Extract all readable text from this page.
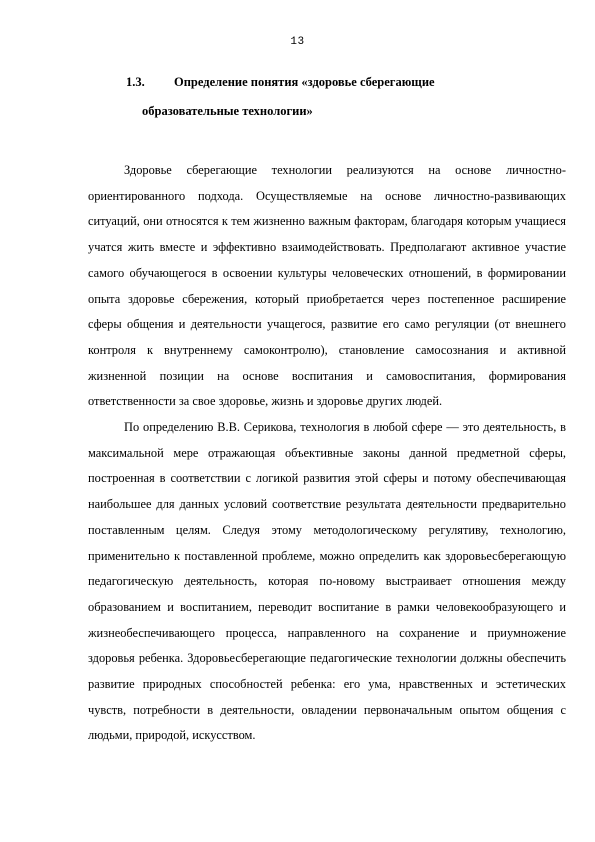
13
1.3. Определение понятия «здоровье сберегающие
образовательные технологии»

Здоровье сберегающие технологии реализуются на основе личностно-ориентированного подхода. Осуществляемые на основе личностно-развивающих ситуаций, они относятся к тем жизненно важным факторам, благодаря которым учащиеся учатся жить вместе и эффективно взаимодействовать. Предполагают активное участие самого обучающегося в освоении культуры человеческих отношений, в формировании опыта здоровье сбережения, который приобретается через постепенное расширение сферы общения и деятельности учащегося, развитие его само регуляции (от внешнего контроля к внутреннему самоконтролю), становление самосознания и активной жизненной позиции на основе воспитания и самовоспитания, формирования ответственности за свое здоровье, жизнь и здоровье других людей.

По определению В.В. Серикова, технология в любой сфере — это деятельность, в максимальной мере отражающая объективные законы данной предметной сферы, построенная в соответствии с логикой развития этой сферы и потому обеспечивающая наибольшее для данных условий соответствие результата деятельности предварительно поставленным целям. Следуя этому методологическому регулятиву, технологию, применительно к поставленной проблеме, можно определить как здоровьесберегающую педагогическую деятельность, которая по-новому выстраивает отношения между образованием и воспитанием, переводит воспитание в рамки человекообразующего и жизнеобеспечивающего процесса, направленного на сохранение и приумножение здоровья ребенка. Здоровьесберегающие педагогические технологии должны обеспечить развитие природных способностей ребенка: его ума, нравственных и эстетических чувств, потребности в деятельности, овладении первоначальным опытом общения с людьми, природой, искусством.
